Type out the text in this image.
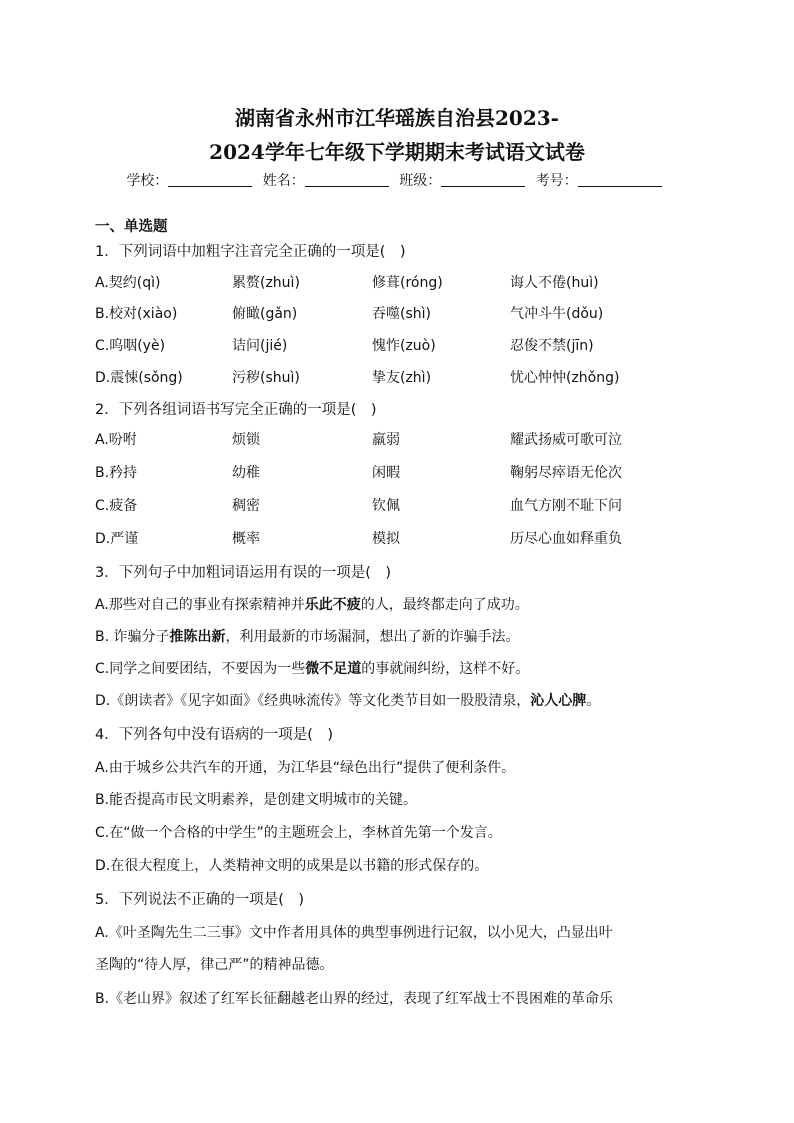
湖南省永州市江华瑶族自治县2023-
2024学年七年级下学期期末考试语文试卷
学校：	姓名：	班级：	考号：
一、单选题
1．下列词语中加粗字注音完全正确的一项是(　)
A.契约(qì)	累赘(zhuì)	修葺(róng)	诲人不倦(huì)
B.校对(xiào)	俯瞰(gǎn)	吞噬(shì)	气冲斗牛(dǒu)
C.呜咽(yè)	诘问(jié)	愧怍(zuò)	忍俊不禁(jīn)
D.震悚(sǒng)	污秽(shuì)	挚友(zhì)	忧心忡忡(zhǒng)
2．下列各组词语书写完全正确的一项是(　)
A.吩咐	烦锁	羸弱	耀武扬威可歌可泣
B.矜持	幼稚	闲暇	鞠躬尽瘁语无伦次
C.疲备	稠密	钦佩	血气方刚不耻下问
D.严谨	概率	模拟	历尽心血如释重负
3．下列句子中加粗词语运用有误的一项是(　)
A.那些对自己的事业有探索精神并乐此不疲的人，最终都走向了成功。
B. 诈骗分子推陈出新，利用最新的市场漏洞，想出了新的诈骗手法。
C.同学之间要团结，不要因为一些微不足道的事就闹纠纷，这样不好。
D.《朗读者》《见字如面》《经典咏流传》等文化类节目如一股股清泉，沁人心脾。
4．下列各句中没有语病的一项是(　)
A.由于城乡公共汽车的开通，为江华县“绿色出行”提供了便利条件。
B.能否提高市民文明素养，是创建文明城市的关键。
C.在“做一个合格的中学生”的主题班会上，李林首先第一个发言。
D.在很大程度上，人类精神文明的成果是以书籍的形式保存的。
5．下列说法不正确的一项是(　)
A.《叶圣陶先生二三事》文中作者用具体的典型事例进行记叙，以小见大，凸显出叶
圣陶的“待人厚，律己严”的精神品德。
B.《老山界》叙述了红军长征翻越老山界的经过，表现了红军战士不畏困难的革命乐
